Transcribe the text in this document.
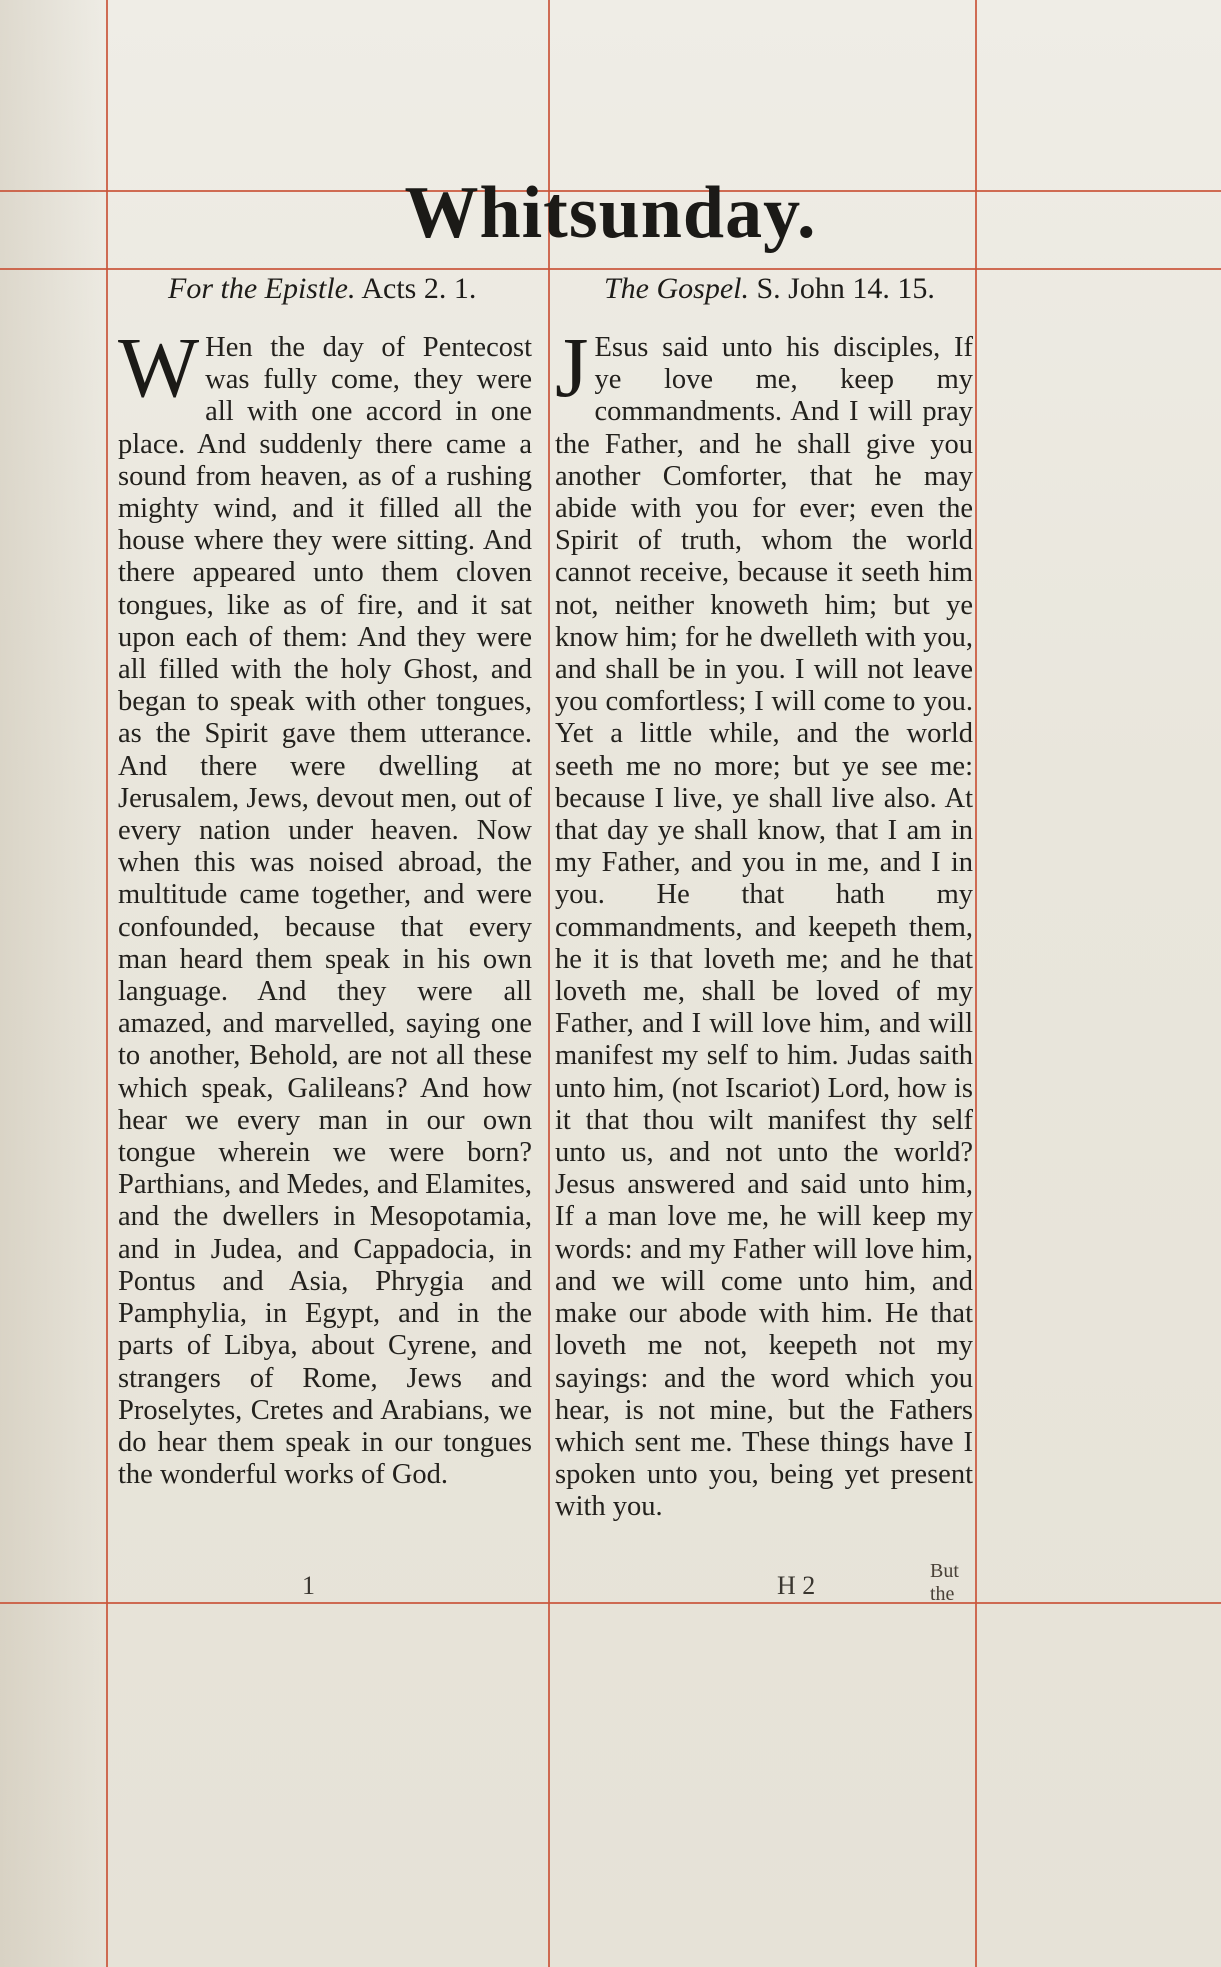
Whitsunday.
For the Epistle. Acts 2. 1.	The Gospel. S. John 14. 15.
W Hen the day of Pentecost was fully come, they were all with one accord in one place. And suddenly there came a sound from heaven, as of a rushing mighty wind, and it filled all the house where they were sitting. And there appeared unto them cloven tongues, like as of fire, and it sat upon each of them: And they were all filled with the holy Ghost, and began to speak with other tongues, as the Spirit gave them utterance. And there were dwelling at Jerusalem, Jews, devout men, out of every nation under heaven. Now when this was noised abroad, the multitude came together, and were confounded, because that every man heard them speak in his own language. And they were all amazed, and marvelled, saying one to another, Behold, are not all these which speak, Galileans? And how hear we every man in our own tongue wherein we were born? Parthians, and Medes, and Elamites, and the dwellers in Mesopotamia, and in Judea, and Cappadocia, in Pontus and Asia, Phrygia and Pamphylia, in Egypt, and in the parts of Libya, about Cyrene, and strangers of Rome, Jews and Proselytes, Cretes and Arabians, we do hear them speak in our tongues the wonderful works of God.

J Esus said unto his disciples, If ye love me, keep my commandments. And I will pray the Father, and he shall give you another Comforter, that he may abide with you for ever; even the Spirit of truth, whom the world cannot receive, because it seeth him not, neither knoweth him; but ye know him; for he dwelleth with you, and shall be in you. I will not leave you comfortless; I will come to you. Yet a little while, and the world seeth me no more; but ye see me: because I live, ye shall live also. At that day ye shall know, that I am in my Father, and you in me, and I in you. He that hath my commandments, and keepeth them, he it is that loveth me; and he that loveth me, shall be loved of my Father, and I will love him, and will manifest my self to him. Judas saith unto him, (not Iscariot) Lord, how is it that thou wilt manifest thy self unto us, and not unto the world? Jesus answered and said unto him, If a man love me, he will keep my words: and my Father will love him, and we will come unto him, and make our abode with him. He that loveth me not, keepeth not my sayings: and the word which you hear, is not mine, but the Fathers which sent me. These things have I spoken unto you, being yet present with you.

1	H 2	But
the
